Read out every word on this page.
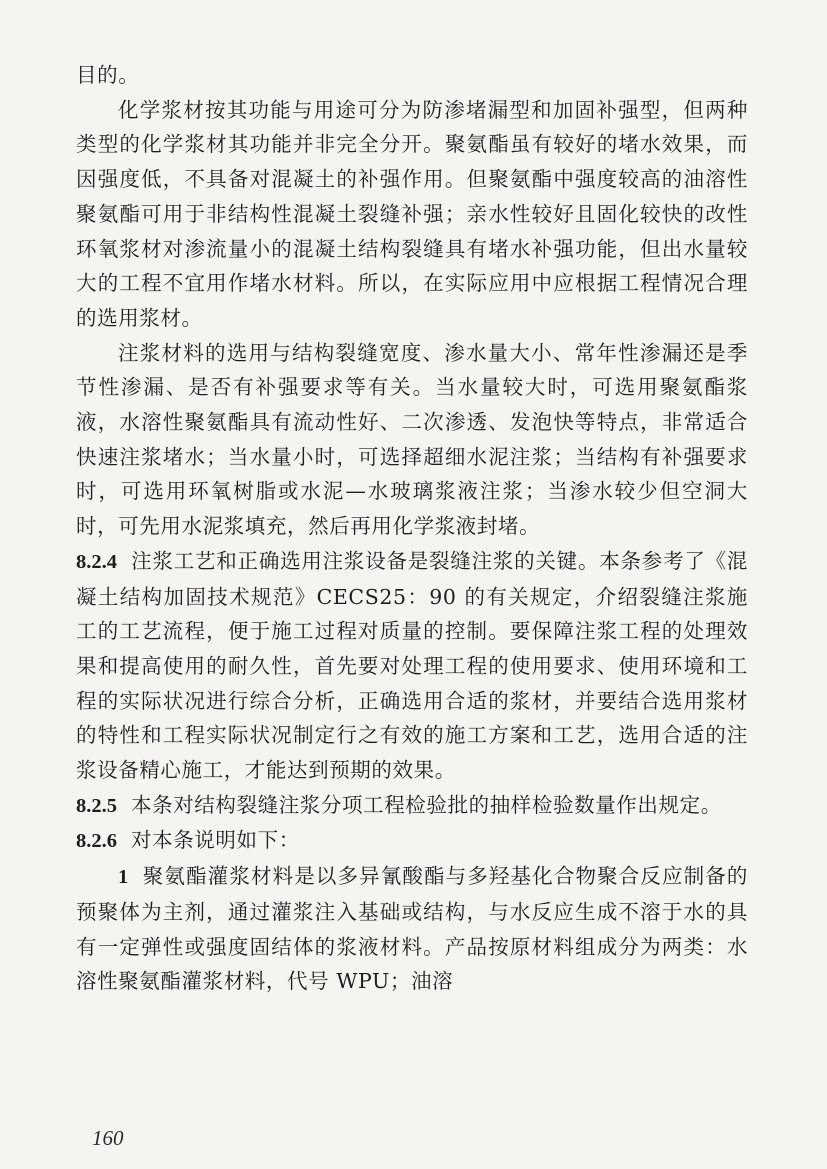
目的。

化学浆材按其功能与用途可分为防渗堵漏型和加固补强型，但两种类型的化学浆材其功能并非完全分开。聚氨酯虽有较好的堵水效果，而因强度低，不具备对混凝土的补强作用。但聚氨酯中强度较高的油溶性聚氨酯可用于非结构性混凝土裂缝补强；亲水性较好且固化较快的改性环氧浆材对渗流量小的混凝土结构裂缝具有堵水补强功能，但出水量较大的工程不宜用作堵水材料。所以，在实际应用中应根据工程情况合理的选用浆材。

注浆材料的选用与结构裂缝宽度、渗水量大小、常年性渗漏还是季节性渗漏、是否有补强要求等有关。当水量较大时，可选用聚氨酯浆液，水溶性聚氨酯具有流动性好、二次渗透、发泡快等特点，非常适合快速注浆堵水；当水量小时，可选择超细水泥注浆；当结构有补强要求时，可选用环氧树脂或水泥—水玻璃浆液注浆；当渗水较少但空洞大时，可先用水泥浆填充，然后再用化学浆液封堵。

8.2.4 注浆工艺和正确选用注浆设备是裂缝注浆的关键。本条参考了《混凝土结构加固技术规范》CECS25：90 的有关规定，介绍裂缝注浆施工的工艺流程，便于施工过程对质量的控制。要保障注浆工程的处理效果和提高使用的耐久性，首先要对处理工程的使用要求、使用环境和工程的实际状况进行综合分析，正确选用合适的浆材，并要结合选用浆材的特性和工程实际状况制定行之有效的施工方案和工艺，选用合适的注浆设备精心施工，才能达到预期的效果。

8.2.5 本条对结构裂缝注浆分项工程检验批的抽样检验数量作出规定。

8.2.6 对本条说明如下：

1 聚氨酯灌浆材料是以多异氰酸酯与多羟基化合物聚合反应制备的预聚体为主剂，通过灌浆注入基础或结构，与水反应生成不溶于水的具有一定弹性或强度固结体的浆液材料。产品按原材料组成分为两类：水溶性聚氨酯灌浆材料，代号 WPU；油溶

160
